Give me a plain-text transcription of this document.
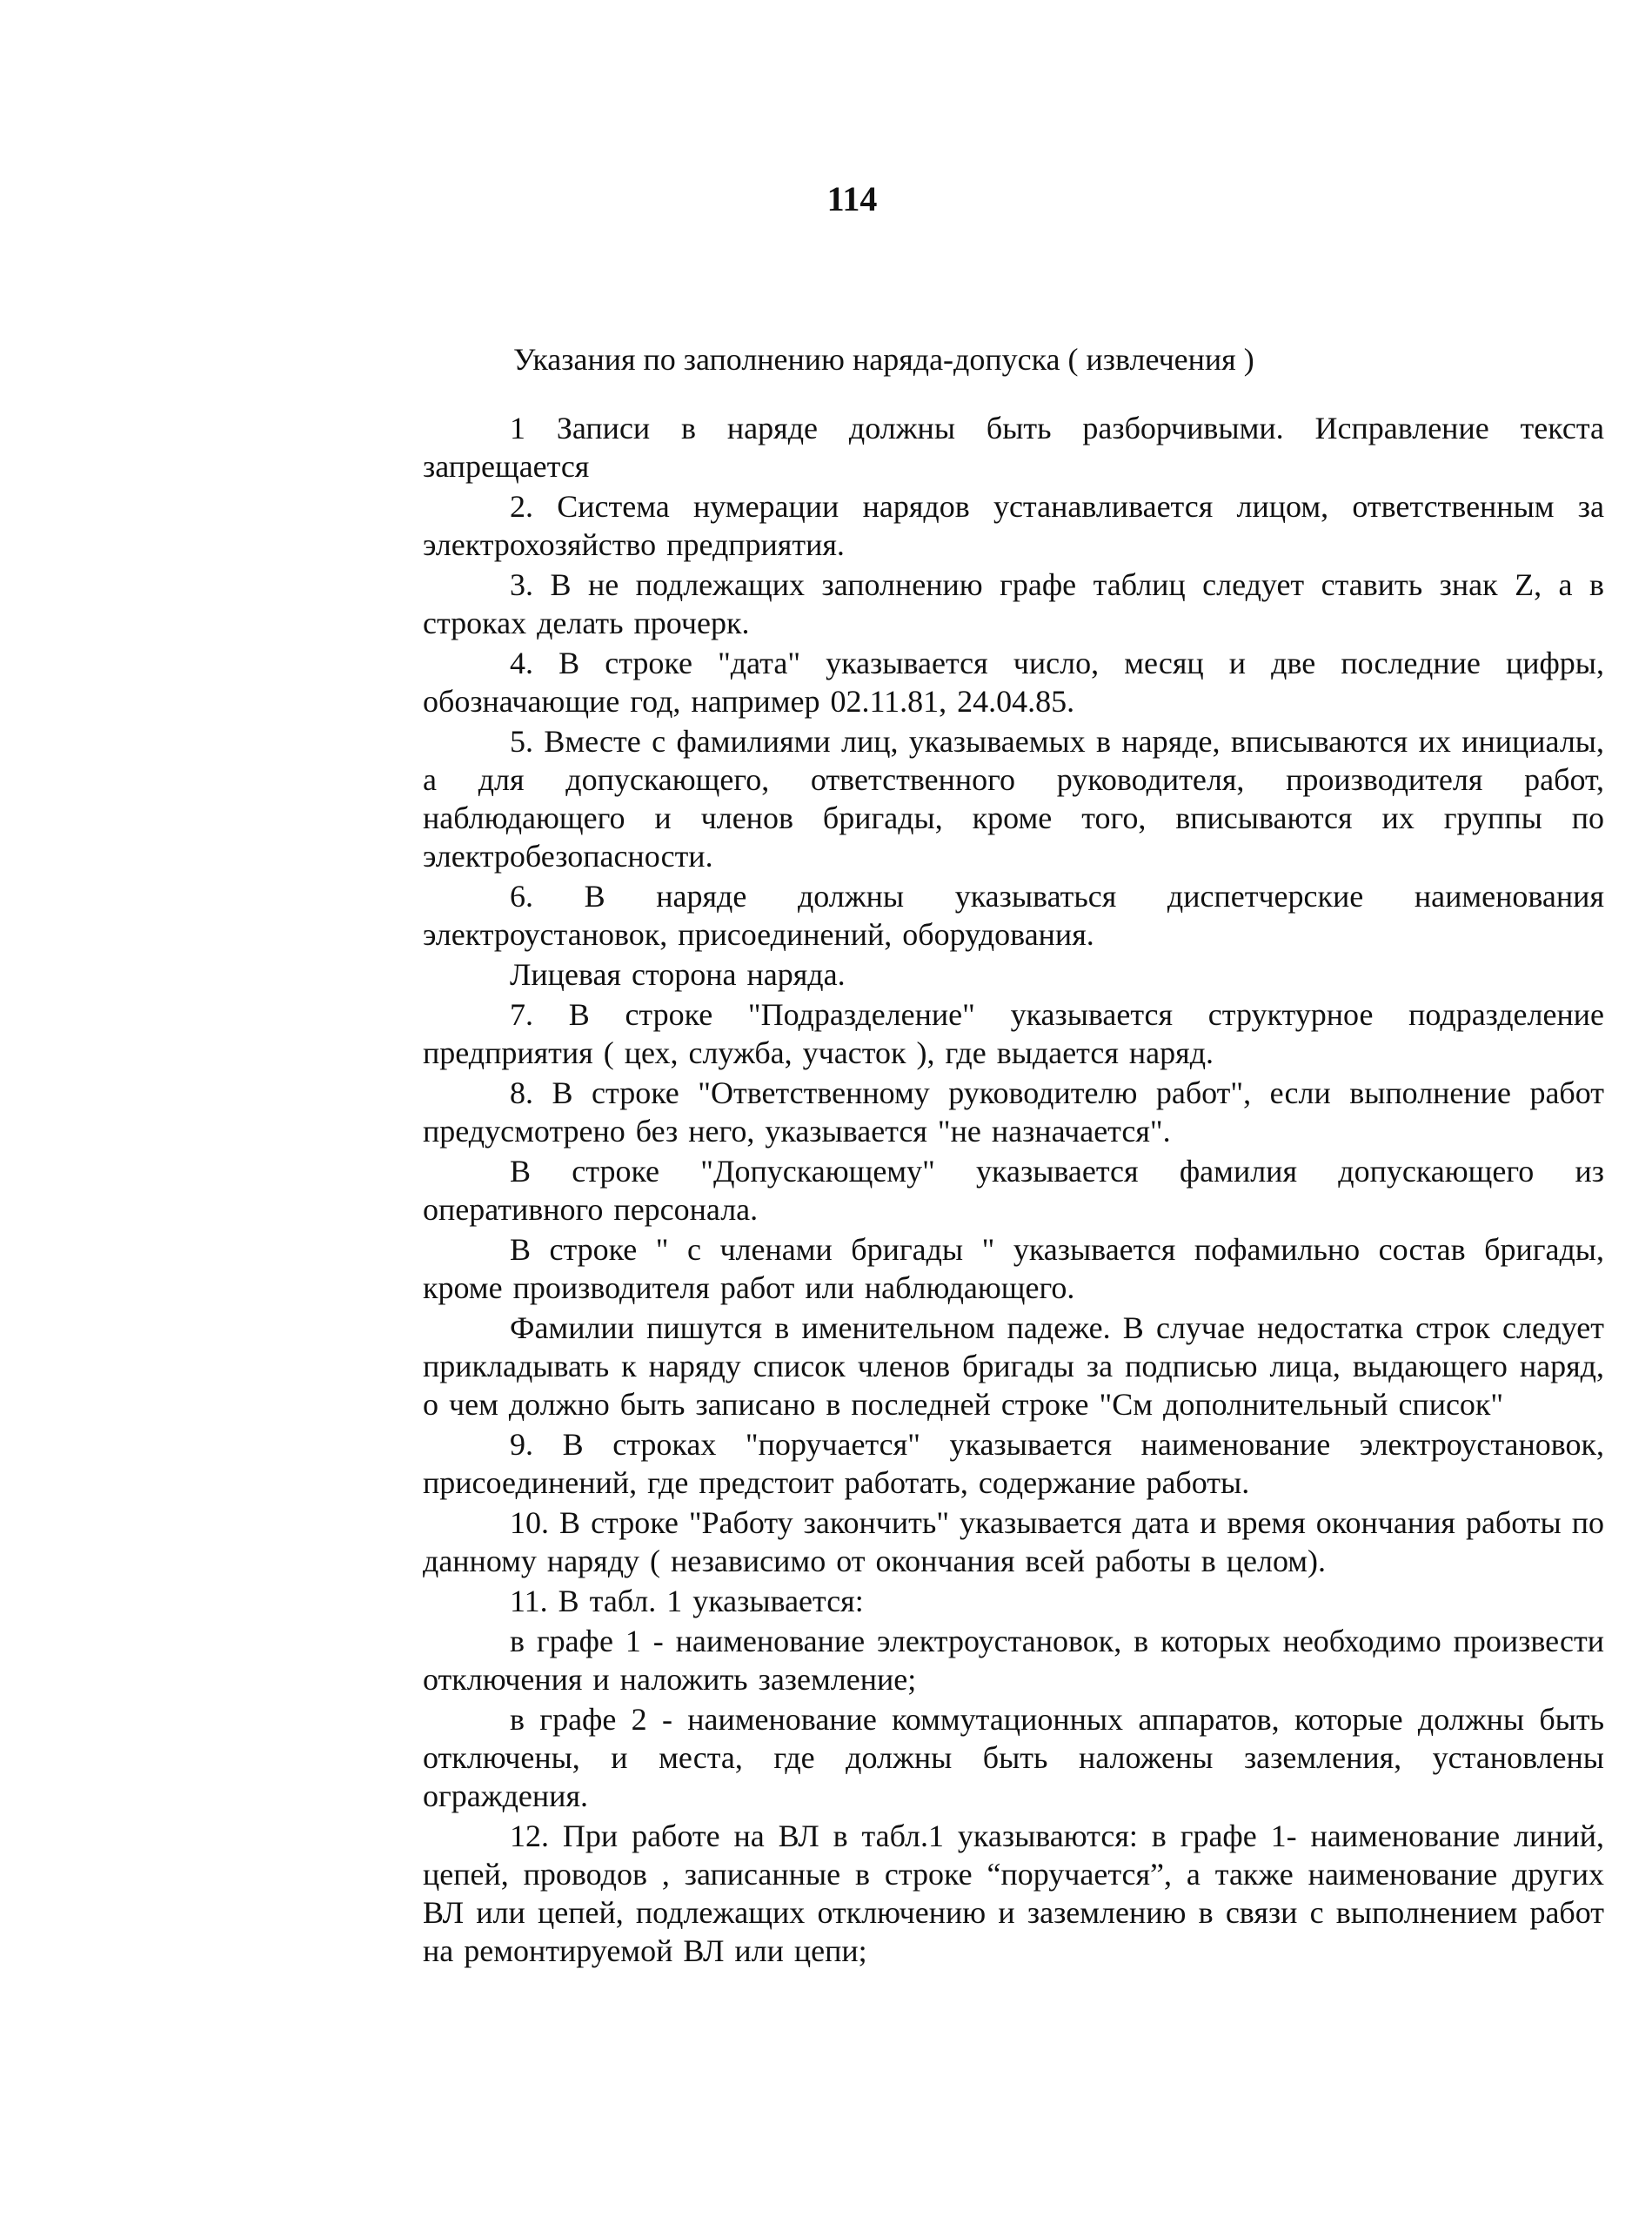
114
Указания по заполнению наряда-допуска ( извлечения )

1 Записи в наряде должны быть разборчивыми. Исправление текста запрещается

2. Система нумерации нарядов устанавливается лицом, ответственным за электрохозяйство предприятия.

3. В не подлежащих заполнению графе таблиц следует ставить знак Z, а в строках делать прочерк.

4. В строке "дата" указывается число, месяц и две последние цифры, обозначающие год, например 02.11.81, 24.04.85.

5. Вместе с фамилиями лиц, указываемых в наряде, вписываются их инициалы, а для допускающего, ответственного руководителя, производителя работ, наблюдающего и членов бригады, кроме того, вписываются их группы по электробезопасности.

6. В наряде должны указываться диспетчерские наименования электроустановок, присоединений, оборудования.

Лицевая сторона наряда.

7. В строке "Подразделение" указывается структурное подразделение предприятия ( цех, служба, участок ), где выдается наряд.

8. В строке "Ответственному руководителю работ", если выполнение работ предусмотрено без него, указывается "не назначается".

В строке "Допускающему" указывается фамилия допускающего из оперативного персонала.

В строке " с членами бригады " указывается пофамильно состав бригады, кроме производителя работ или наблюдающего.

Фамилии пишутся в именительном падеже. В случае недостатка строк следует прикладывать к наряду список членов бригады за подписью лица, выдающего наряд, о чем должно быть записано в последней строке "См дополнительный список"

9. В строках "поручается" указывается наименование электроустановок, присоединений, где предстоит работать, содержание работы.

10. В строке "Работу закончить" указывается дата и время окончания работы по данному наряду ( независимо от окончания всей работы в целом).

11. В табл. 1 указывается:

в графе 1 - наименование электроустановок, в которых необходимо произвести отключения и наложить заземление;

в графе 2 - наименование коммутационных аппаратов, которые должны быть отключены, и места, где должны быть наложены заземления, установлены ограждения.

12. При работе на ВЛ в табл.1 указываются: в графе 1- наименование линий, цепей, проводов , записанные в строке “поручается”, а также наименование других ВЛ или цепей, подлежащих отключению и заземлению в связи с выполнением работ на ремонтируемой ВЛ или цепи;
